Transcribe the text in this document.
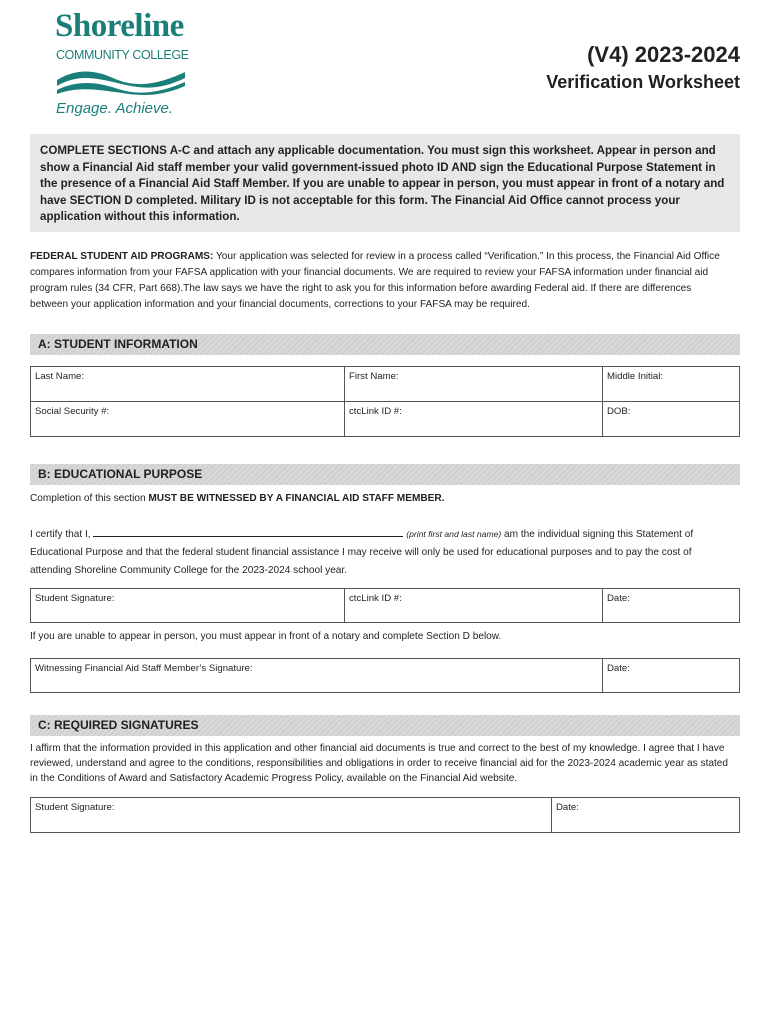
Shoreline
COMMUNITY COLLEGE
Engage. Achieve.
(V4) 2023-2024
Verification Worksheet
COMPLETE SECTIONS A-C and attach any applicable documentation. You must sign this worksheet. Appear in person and show a Financial Aid staff member your valid government-issued photo ID AND sign the Educational Purpose Statement in the presence of a Financial Aid Staff Member. If you are unable to appear in person, you must appear in front of a notary and have SECTION D completed. Military ID is not acceptable for this form. The Financial Aid Office cannot process your application without this information.
FEDERAL STUDENT AID PROGRAMS: Your application was selected for review in a process called “Verification.” In this process, the Financial Aid Office compares information from your FAFSA application with your financial documents. We are required to review your FAFSA information under financial aid program rules (34 CFR, Part 668).The law says we have the right to ask you for this information before awarding Federal aid. If there are differences between your application information and your financial documents, corrections to your FAFSA may be required.
A: STUDENT INFORMATION
Last Name:	First Name:	Middle Initial:
Social Security #:	ctcLink ID #:	DOB:
B: EDUCATIONAL PURPOSE
Completion of this section MUST BE WITNESSED BY A FINANCIAL AID STAFF MEMBER.
I certify that I,	(print first and last name) am the individual signing this Statement of
Educational Purpose and that the federal student financial assistance I may receive will only be used for educational purposes and to pay the cost of attending Shoreline Community College for the 2023-2024 school year.
Student Signature:	ctcLink ID #:	Date:
If you are unable to appear in person, you must appear in front of a notary and complete Section D below.
Witnessing Financial Aid Staff Member’s Signature:	Date:
C: REQUIRED SIGNATURES
I affirm that the information provided in this application and other financial aid documents is true and correct to the best of my knowledge. I agree that I have reviewed, understand and agree to the conditions, responsibilities and obligations in order to receive financial aid for the 2023-2024 academic year as stated in the Conditions of Award and Satisfactory Academic Progress Policy, available on the Financial Aid website.
Student Signature:	Date:
